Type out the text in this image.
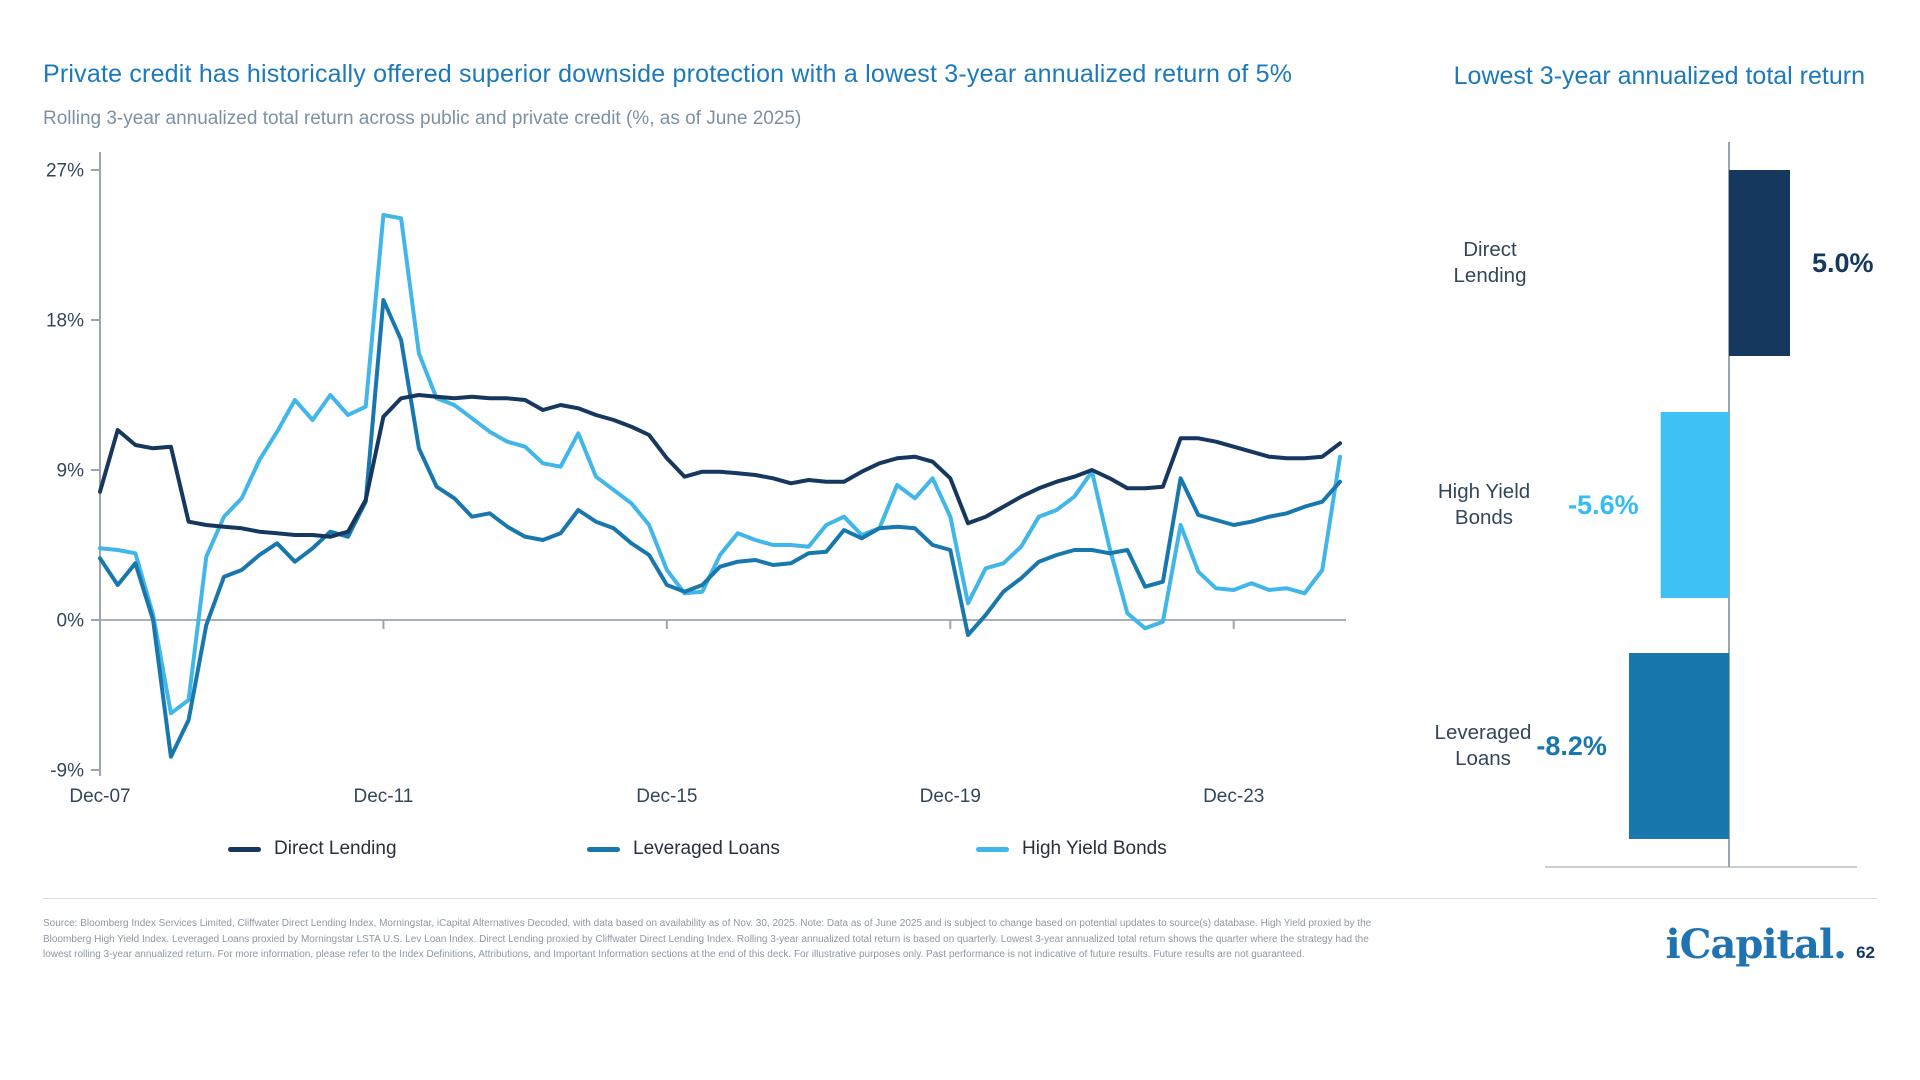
Private credit has historically offered superior downside protection with a lowest 3-year annualized return of 5%	Lowest 3-year annualized total return
Rolling 3-year annualized total return across public and private credit (%, as of June 2025)
27%
18%
9%
0%
-9%
Dec-07	Dec-11	Dec-15	Dec-19	Dec-23
Direct Lending	Leveraged Loans	High Yield Bonds
5.0%
Direct Lending
-5.6%
High Yield Bonds
-8.2%
Leveraged Loans
Source: Bloomberg Index Services Limited, Cliffwater Direct Lending Index, Morningstar, iCapital Alternatives Decoded, with data based on availability as of Nov. 30, 2025. Note: Data as of June 2025 and is subject to change based on potential updates to source(s) database. High Yield proxied by the Bloomberg High Yield Index. Leveraged Loans proxied by Morningstar LSTA U.S. Lev Loan Index. Direct Lending proxied by Cliffwater Direct Lending Index. Rolling 3-year annualized total return is based on quarterly. Lowest 3-year annualized total return shows the quarter where the strategy had the lowest rolling 3-year annualized return. For more information, please refer to the Index Definitions, Attributions, and Important Information sections at the end of this deck. For illustrative purposes only. Past performance is not indicative of future results. Future results are not guaranteed.	iCapital. 62
